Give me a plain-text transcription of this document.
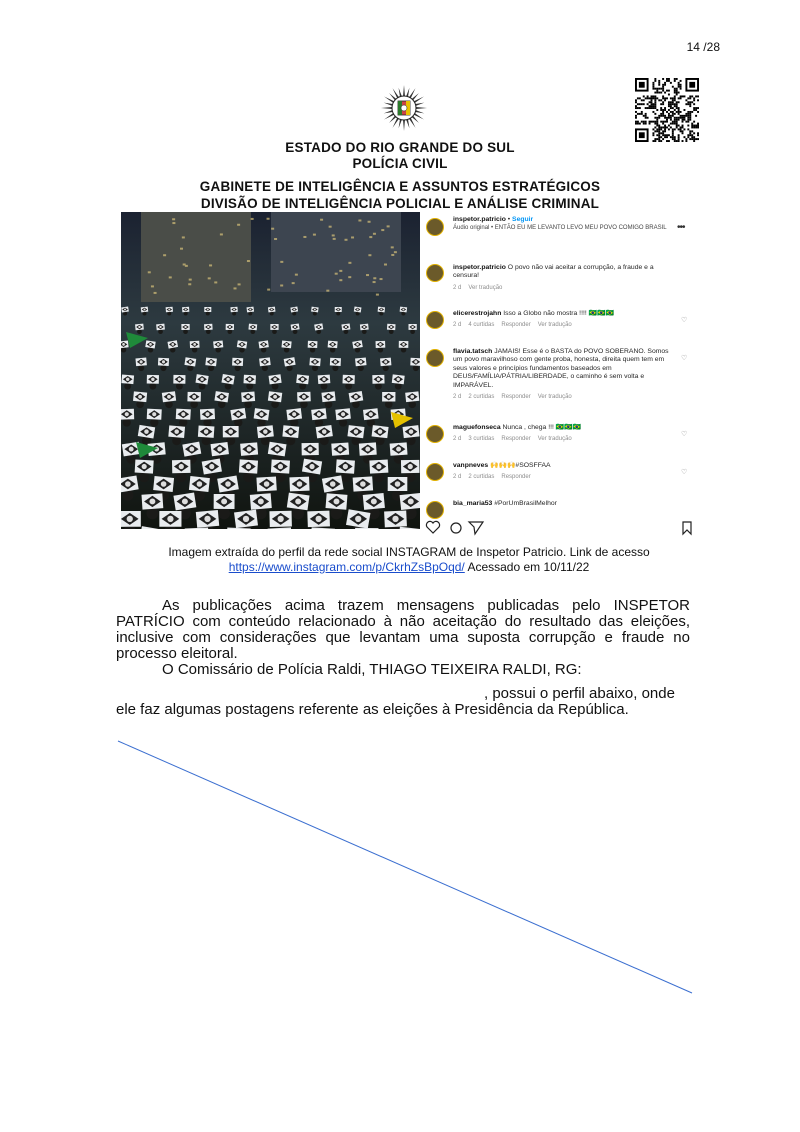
14 /28
ESTADO DO RIO GRANDE DO SUL
POLÍCIA CIVIL
GABINETE DE INTELIGÊNCIA E ASSUNTOS ESTRATÉGICOS
DIVISÃO DE INTELIGÊNCIA POLICIAL E ANÁLISE CRIMINAL
inspetor.patricio • Seguir
Áudio original • ENTÃO EU ME LEVANTO LEVO MEU POVO COMIGO BRASIL	•••
inspetor.patricio O povo não vai aceitar a corrupção, a fraude e a censura!
2 d Ver tradução
elicerestrojahn Isso a Globo não mostra !!!! 🇧🇷🇧🇷🇧🇷
2 d 4 curtidas Responder Ver tradução
♡
flavia.tatsch JAMAIS! Esse é o BASTA do POVO SOBERANO. Somos um povo maravilhoso com gente proba, honesta, direita quem tem em seus valores e princípios fundamentos baseados em DEUS/FAMÍLIA/PÁTRIA/LIBERDADE, o caminho é sem volta e IMPARÁVEL.
2 d 2 curtidas Responder Ver tradução
♡
maguefonseca Nunca , chega !!! 🇧🇷🇧🇷🇧🇷
2 d 3 curtidas Responder Ver tradução
♡
vanpneves 🙌🙌🙌#SOSFFAA
2 d 2 curtidas Responder
♡
bia_maria53 #PorUmBrasilMelhor
Imagem extraída do perfil da rede social INSTAGRAM de Inspetor Patricio. Link de acesso
https://www.instagram.com/p/CkrhZsBpOqd/ Acessado em 10/11/22
As publicações acima trazem mensagens publicadas pelo INSPETOR PATRÍCIO com conteúdo relacionado à não aceitação do resultado das eleições, inclusive com considerações que levantam uma suposta corrupção e fraude no processo eleitoral.
O Comissário de Polícia Raldi, THIAGO TEIXEIRA RALDI, RG:
, possui o perfil abaixo, onde
ele faz algumas postagens referente as eleições à Presidência da República.
